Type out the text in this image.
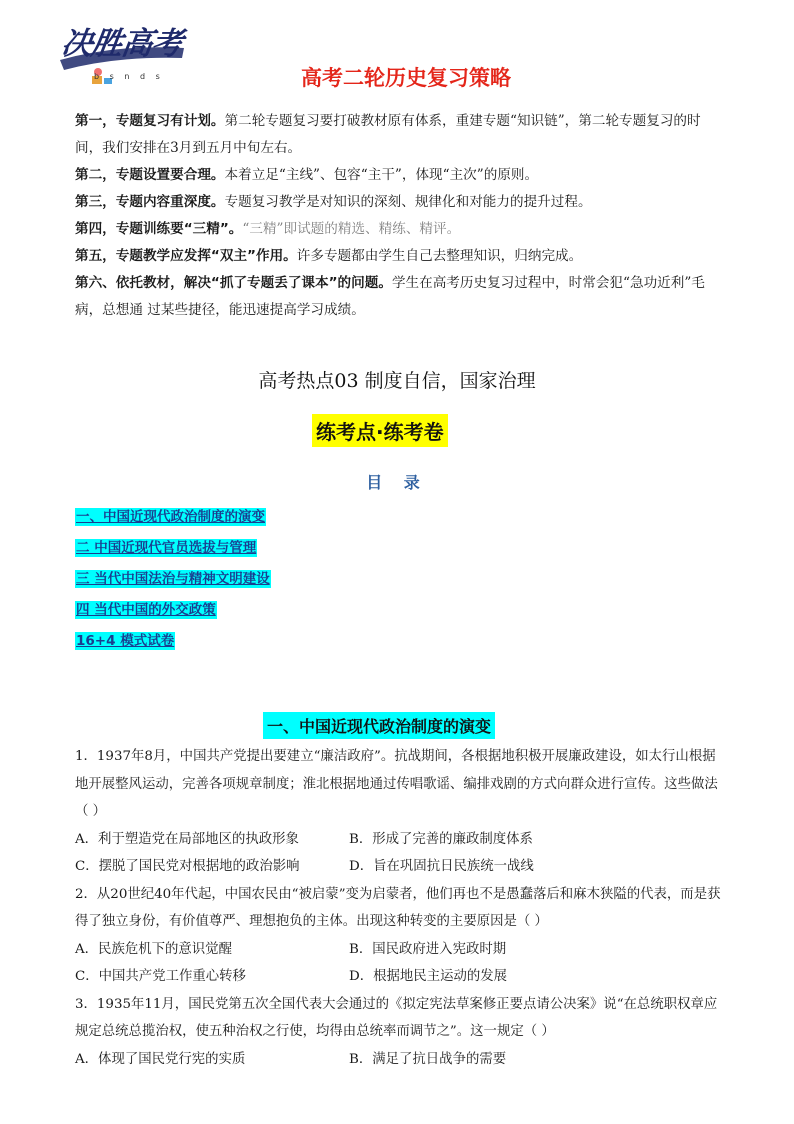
决胜高考
b s n d s	高考二轮历史复习策略

第一，专题复习有计划。第二轮专题复习要打破教材原有体系，重建专题“知识链”，第二轮专题复习的时间，我们安排在3月到五月中旬左右。

第二，专题设置要合理。本着立足“主线”、包容“主干”，体现“主次”的原则。

第三，专题内容重深度。专题复习教学是对知识的深刻、规律化和对能力的提升过程。

第四，专题训练要“三精”。“三精”即试题的精选、精练、精评。

第五，专题教学应发挥“双主”作用。许多专题都由学生自己去整理知识，归纳完成。

第六、依托教材，解决“抓了专题丢了课本”的问题。学生在高考历史复习过程中，时常会犯“急功近利”毛病，总想通 过某些捷径，能迅速提高学习成绩。

高考热点03 制度自信，国家治理
练考点·练考卷
目 录
一、中国近现代政治制度的演变
二 中国近现代官员选拔与管理
三 当代中国法治与精神文明建设
四 当代中国的外交政策
16+4 模式试卷
一、中国近现代政治制度的演变

1．1937年8月，中国共产党提出要建立“廉洁政府”。抗战期间，各根据地积极开展廉政建设，如太行山根据地开展整风运动，完善各项规章制度；淮北根据地通过传唱歌谣、编排戏剧的方式向群众进行宣传。这些做法（ ）

A．利于塑造党在局部地区的执政形象	B．形成了完善的廉政制度体系
C．摆脱了国民党对根据地的政治影响	D．旨在巩固抗日民族统一战线

2．从20世纪40年代起，中国农民由“被启蒙”变为启蒙者，他们再也不是愚蠢落后和麻木狭隘的代表，而是获得了独立身份，有价值尊严、理想抱负的主体。出现这种转变的主要原因是（ ）

A．民族危机下的意识觉醒	B．国民政府进入宪政时期
C．中国共产党工作重心转移	D．根据地民主运动的发展

3．1935年11月，国民党第五次全国代表大会通过的《拟定宪法草案修正要点请公决案》说“在总统职权章应规定总统总揽治权，使五种治权之行使，均得由总统率而调节之”。这一规定（ ）

A．体现了国民党行宪的实质	B．满足了抗日战争的需要
